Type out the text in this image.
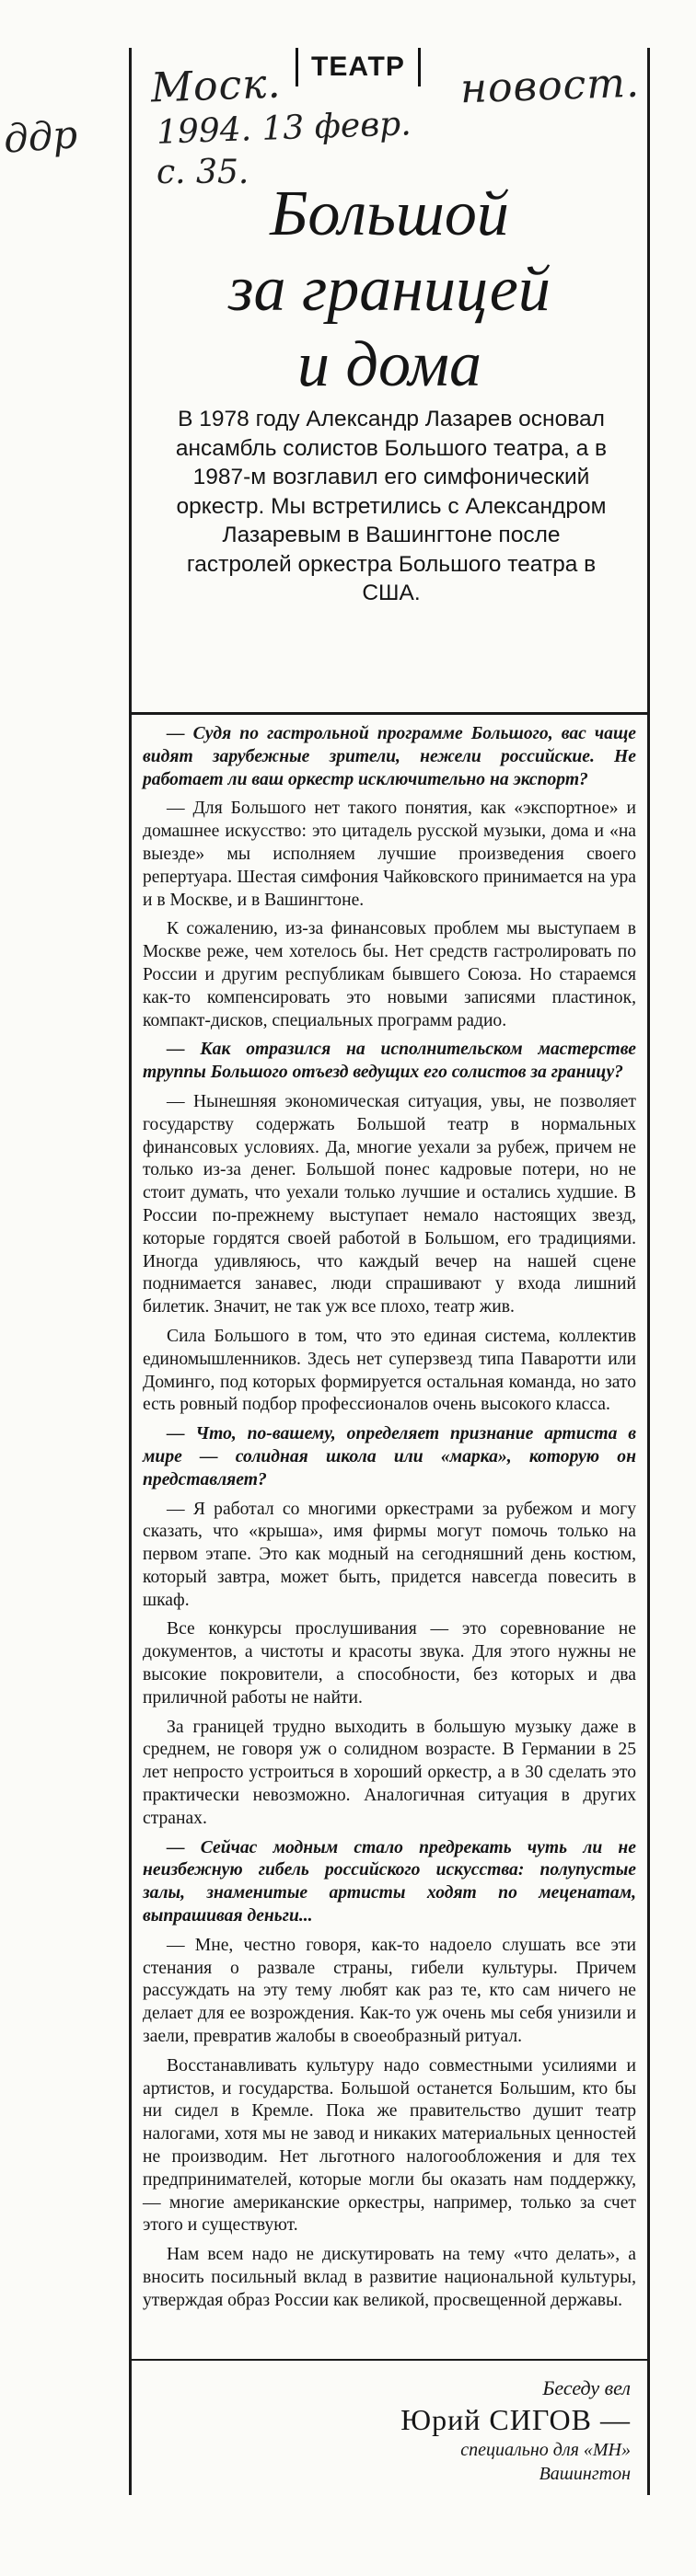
ддр
Моск.	новост.
1994. 13 февр.
с. 35.
ТЕАТР
Большой
за границей
и дома

В 1978 году Александр Лазарев основал ансамбль солистов Большого театра, а в 1987-м возглавил его симфонический оркестр. Мы встретились с Александром Лазаревым в Вашингтоне после гастролей оркестра Большого театра в США.

— Судя по гастрольной программе Большого, вас чаще видят зарубежные зрители, нежели российские. Не работает ли ваш оркестр исключительно на экспорт?

— Для Большого нет такого понятия, как «экспортное» и домашнее искусство: это цитадель русской музыки, дома и «на выезде» мы исполняем лучшие произведения своего репертуара. Шестая симфония Чайковского принимается на ура и в Москве, и в Вашингтоне.

К сожалению, из-за финансовых проблем мы выступаем в Москве реже, чем хотелось бы. Нет средств гастролировать по России и другим республикам бывшего Союза. Но стараемся как-то компенсировать это новыми записями пластинок, компакт-дисков, специальных программ радио.

— Как отразился на исполнительском мастерстве труппы Большого отъезд ведущих его солистов за границу?

— Нынешняя экономическая ситуация, увы, не позволяет государству содержать Большой театр в нормальных финансовых условиях. Да, многие уехали за рубеж, причем не только из-за денег. Большой понес кадровые потери, но не стоит думать, что уехали только лучшие и остались худшие. В России по-прежнему выступает немало настоящих звезд, которые гордятся своей работой в Большом, его традициями. Иногда удивляюсь, что каждый вечер на нашей сцене поднимается занавес, люди спрашивают у входа лишний билетик. Значит, не так уж все плохо, театр жив.

Сила Большого в том, что это единая система, коллектив единомышленников. Здесь нет суперзвезд типа Паваротти или Доминго, под которых формируется остальная команда, но зато есть ровный подбор профессионалов очень высокого класса.

— Что, по-вашему, определяет признание артиста в мире — солидная школа или «марка», которую он представляет?

— Я работал со многими оркестрами за рубежом и могу сказать, что «крыша», имя фирмы могут помочь только на первом этапе. Это как модный на сегодняшний день костюм, который завтра, может быть, придется навсегда повесить в шкаф.

Все конкурсы прослушивания — это соревнование не документов, а чистоты и красоты звука. Для этого нужны не высокие покровители, а способности, без которых и два приличной работы не найти.

За границей трудно выходить в большую музыку даже в среднем, не говоря уж о солидном возрасте. В Германии в 25 лет непросто устроиться в хороший оркестр, а в 30 сделать это практически невозможно. Аналогичная ситуация в других странах.

— Сейчас модным стало предрекать чуть ли не неизбежную гибель российского искусства: полупустые залы, знаменитые артисты ходят по меценатам, выпрашивая деньги...

— Мне, честно говоря, как-то надоело слушать все эти стенания о развале страны, гибели культуры. Причем рассуждать на эту тему любят как раз те, кто сам ничего не делает для ее возрождения. Как-то уж очень мы себя унизили и заели, превратив жалобы в своеобразный ритуал.

Восстанавливать культуру надо совместными усилиями и артистов, и государства. Большой останется Большим, кто бы ни сидел в Кремле. Пока же правительство душит театр налогами, хотя мы не завод и никаких материальных ценностей не производим. Нет льготного налогообложения и для тех предпринимателей, которые могли бы оказать нам поддержку, — многие американские оркестры, например, только за счет этого и существуют.

Нам всем надо не дискутировать на тему «что делать», а вносить посильный вклад в развитие национальной культуры, утверждая образ России как великой, просвещенной державы.

Беседу вел
Юрий СИГОВ —
специально для «МН»
Вашингтон
